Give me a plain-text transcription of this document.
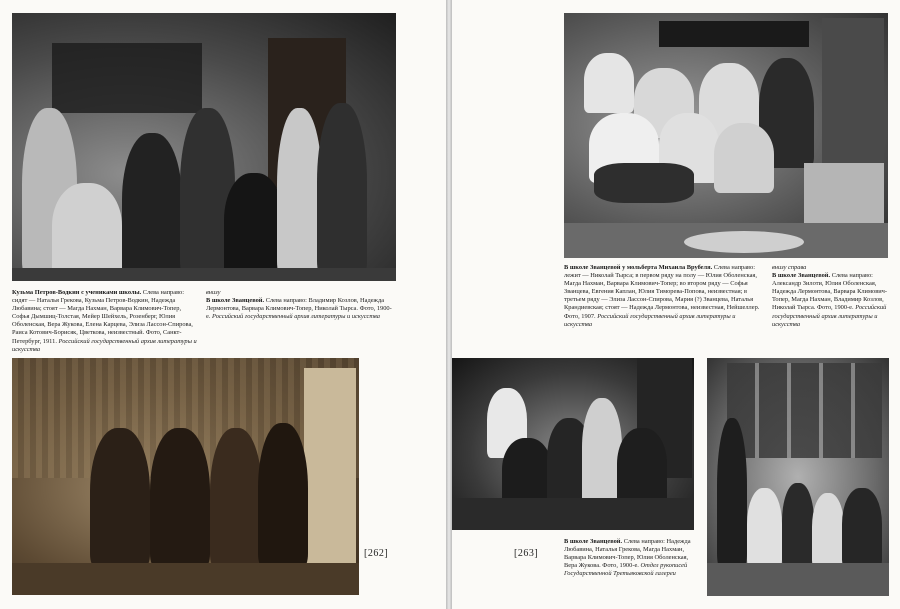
Кузьма Петров-Водкин с учениками школы. Слева направо: сидят — Наталья Грекова, Кузьма Петров-Водкин, Надежда Любавина; стоят — Магда Нахман, Варвара Климович-Топер, Софья Дымшиц-Толстая, Мейер Шейхель, Розенберг, Юлия Оболенская, Вера Жукова, Елена Карцева, Элиза Лассон-Спирова, Раиса Котович-Борисяк, Цветкова, неизвестный. Фото, Санкт-Петербург, 1911. Российский государственный архив литературы и искусства
внизу
В школе Званцевой. Слева направо: Владимир Козлов, Надежда Лермонтова, Варвара Климович-Топер, Николай Тырса. Фото, 1900-е. Российский государственный архив литературы и искусства
[262]
В школе Званцевой у мольберта Михаила Врубеля. Слева направо: лежит — Николай Тырса; в первом ряду на полу — Юлия Оболенская, Магда Нахман, Варвара Климович-Топер; во втором ряду — Софья Званцева, Евгения Каплан, Юлия Тиморева-Попова, неизвестная; в третьем ряду — Элиза Лассон-Спирова, Мария (?) Званцева, Наталья Крандиевская; стоят — Надежда Лермонтова, неизвестная, Нейшеллер. Фото, 1907. Российский государственный архив литературы и искусства
внизу справа
В школе Званцевой. Слева направо: Александр Зилоти, Юлия Оболенская, Надежда Лермонтова, Варвара Климович-Топер, Магда Нахман, Владимир Козлов, Николай Тырса. Фото, 1900-е. Российский государственный архив литературы и искусства
[263]
В школе Званцевой. Слева направо: Надежда Любавина, Наталья Грекова, Магда Нахман, Варвара Климович-Топер, Юлия Оболенская, Вера Жукова. Фото, 1900-е. Отдел рукописей Государственной Третьяковской галереи
